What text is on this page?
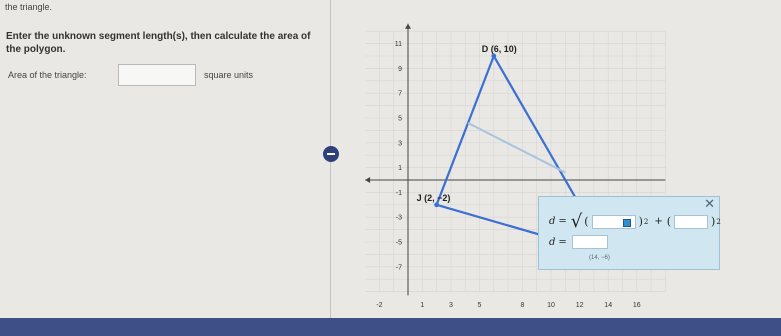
the triangle.
Enter the unknown segment length(s), then calculate the area of the polygon.
Area of the triangle:	square units
11
9
7
5
3
1
-1
-3
-5
-7
-2	1	3	5	8	10	12	14	16
D (6, 10)
J (2, −2)	✕
d = √ (	) 2 + (	) 2
d =
(14, −6)
